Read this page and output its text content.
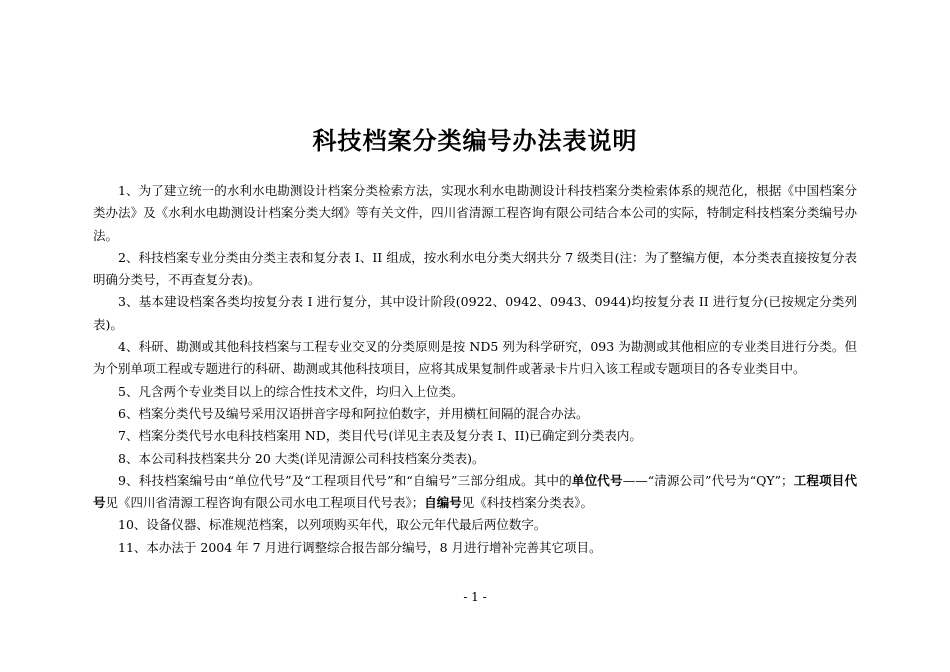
科技档案分类编号办法表说明

1、为了建立统一的水利水电勘测设计档案分类检索方法，实现水利水电勘测设计科技档案分类检索体系的规范化，根据《中国档案分类办法》及《水利水电勘测设计档案分类大纲》等有关文件，四川省清源工程咨询有限公司结合本公司的实际，特制定科技档案分类编号办法。

2、科技档案专业分类由分类主表和复分表 I、II 组成，按水利水电分类大纲共分 7 级类目(注：为了整编方便，本分类表直接按复分表明确分类号，不再查复分表)。

3、基本建设档案各类均按复分表 I 进行复分，其中设计阶段(0922、0942、0943、0944)均按复分表 II 进行复分(已按规定分类列表)。

4、科研、勘测或其他科技档案与工程专业交叉的分类原则是按 ND5 列为科学研究，093 为勘测或其他相应的专业类目进行分类。但为个别单项工程或专题进行的科研、勘测或其他科技项目，应将其成果复制件或著录卡片归入该工程或专题项目的各专业类目中。

5、凡含两个专业类目以上的综合性技术文件，均归入上位类。

6、档案分类代号及编号采用汉语拼音字母和阿拉伯数字，并用横杠间隔的混合办法。

7、档案分类代号水电科技档案用 ND，类目代号(详见主表及复分表 I、II)已确定到分类表内。

8、本公司科技档案共分 20 大类(详见清源公司科技档案分类表)。

9、科技档案编号由“单位代号”及“工程项目代号”和“自编号”三部分组成。其中的单位代号——“清源公司”代号为“QY”；工程项目代号见《四川省清源工程咨询有限公司水电工程项目代号表》；自编号见《科技档案分类表》。

10、设备仪器、标准规范档案，以列项购买年代，取公元年代最后两位数字。

11、本办法于 2004 年 7 月进行调整综合报告部分编号，8 月进行增补完善其它项目。

- 1 -
